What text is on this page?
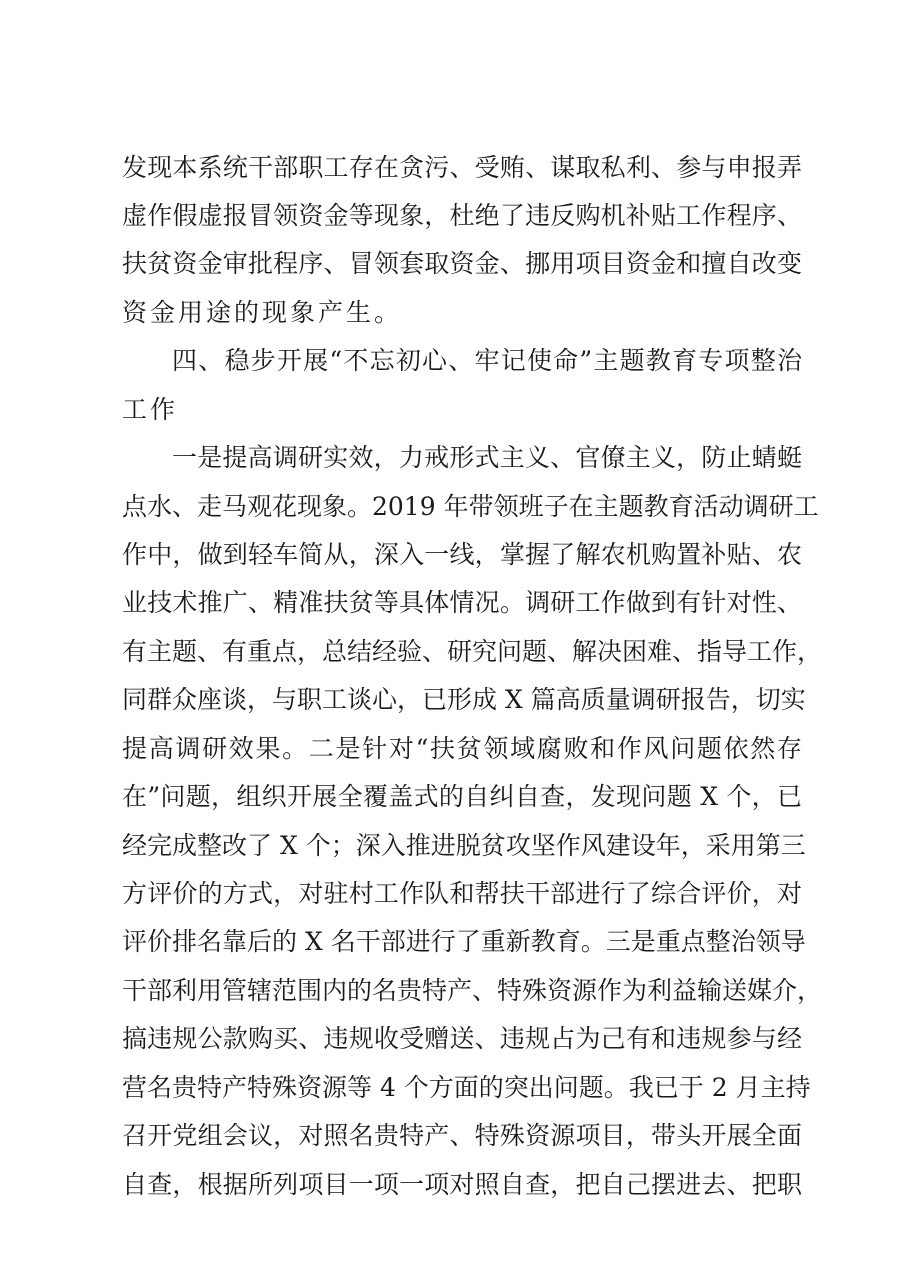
发现本系统干部职工存在贪污、受贿、谋取私利、参与申报弄
虚作假虚报冒领资金等现象，杜绝了违反购机补贴工作程序、
扶贫资金审批程序、冒领套取资金、挪用项目资金和擅自改变
资金用途的现象产生。
四、稳步开展“不忘初心、牢记使命”主题教育专项整治
工作
一是提高调研实效，力戒形式主义、官僚主义，防止蜻蜓
点水、走马观花现象。2019 年带领班子在主题教育活动调研工
作中，做到轻车简从，深入一线，掌握了解农机购置补贴、农
业技术推广、精准扶贫等具体情况。调研工作做到有针对性、
有主题、有重点，总结经验、研究问题、解决困难、指导工作，
同群众座谈，与职工谈心，已形成 X 篇高质量调研报告，切实
提高调研效果。二是针对“扶贫领域腐败和作风问题依然存
在”问题，组织开展全覆盖式的自纠自查，发现问题 X 个，已
经完成整改了 X 个；深入推进脱贫攻坚作风建设年，采用第三
方评价的方式，对驻村工作队和帮扶干部进行了综合评价，对
评价排名靠后的 X 名干部进行了重新教育。三是重点整治领导
干部利用管辖范围内的名贵特产、特殊资源作为利益输送媒介，
搞违规公款购买、违规收受赠送、违规占为己有和违规参与经
营名贵特产特殊资源等 4 个方面的突出问题。我已于 2 月主持
召开党组会议，对照名贵特产、特殊资源项目，带头开展全面
自查，根据所列项目一项一项对照自查，把自己摆进去、把职
